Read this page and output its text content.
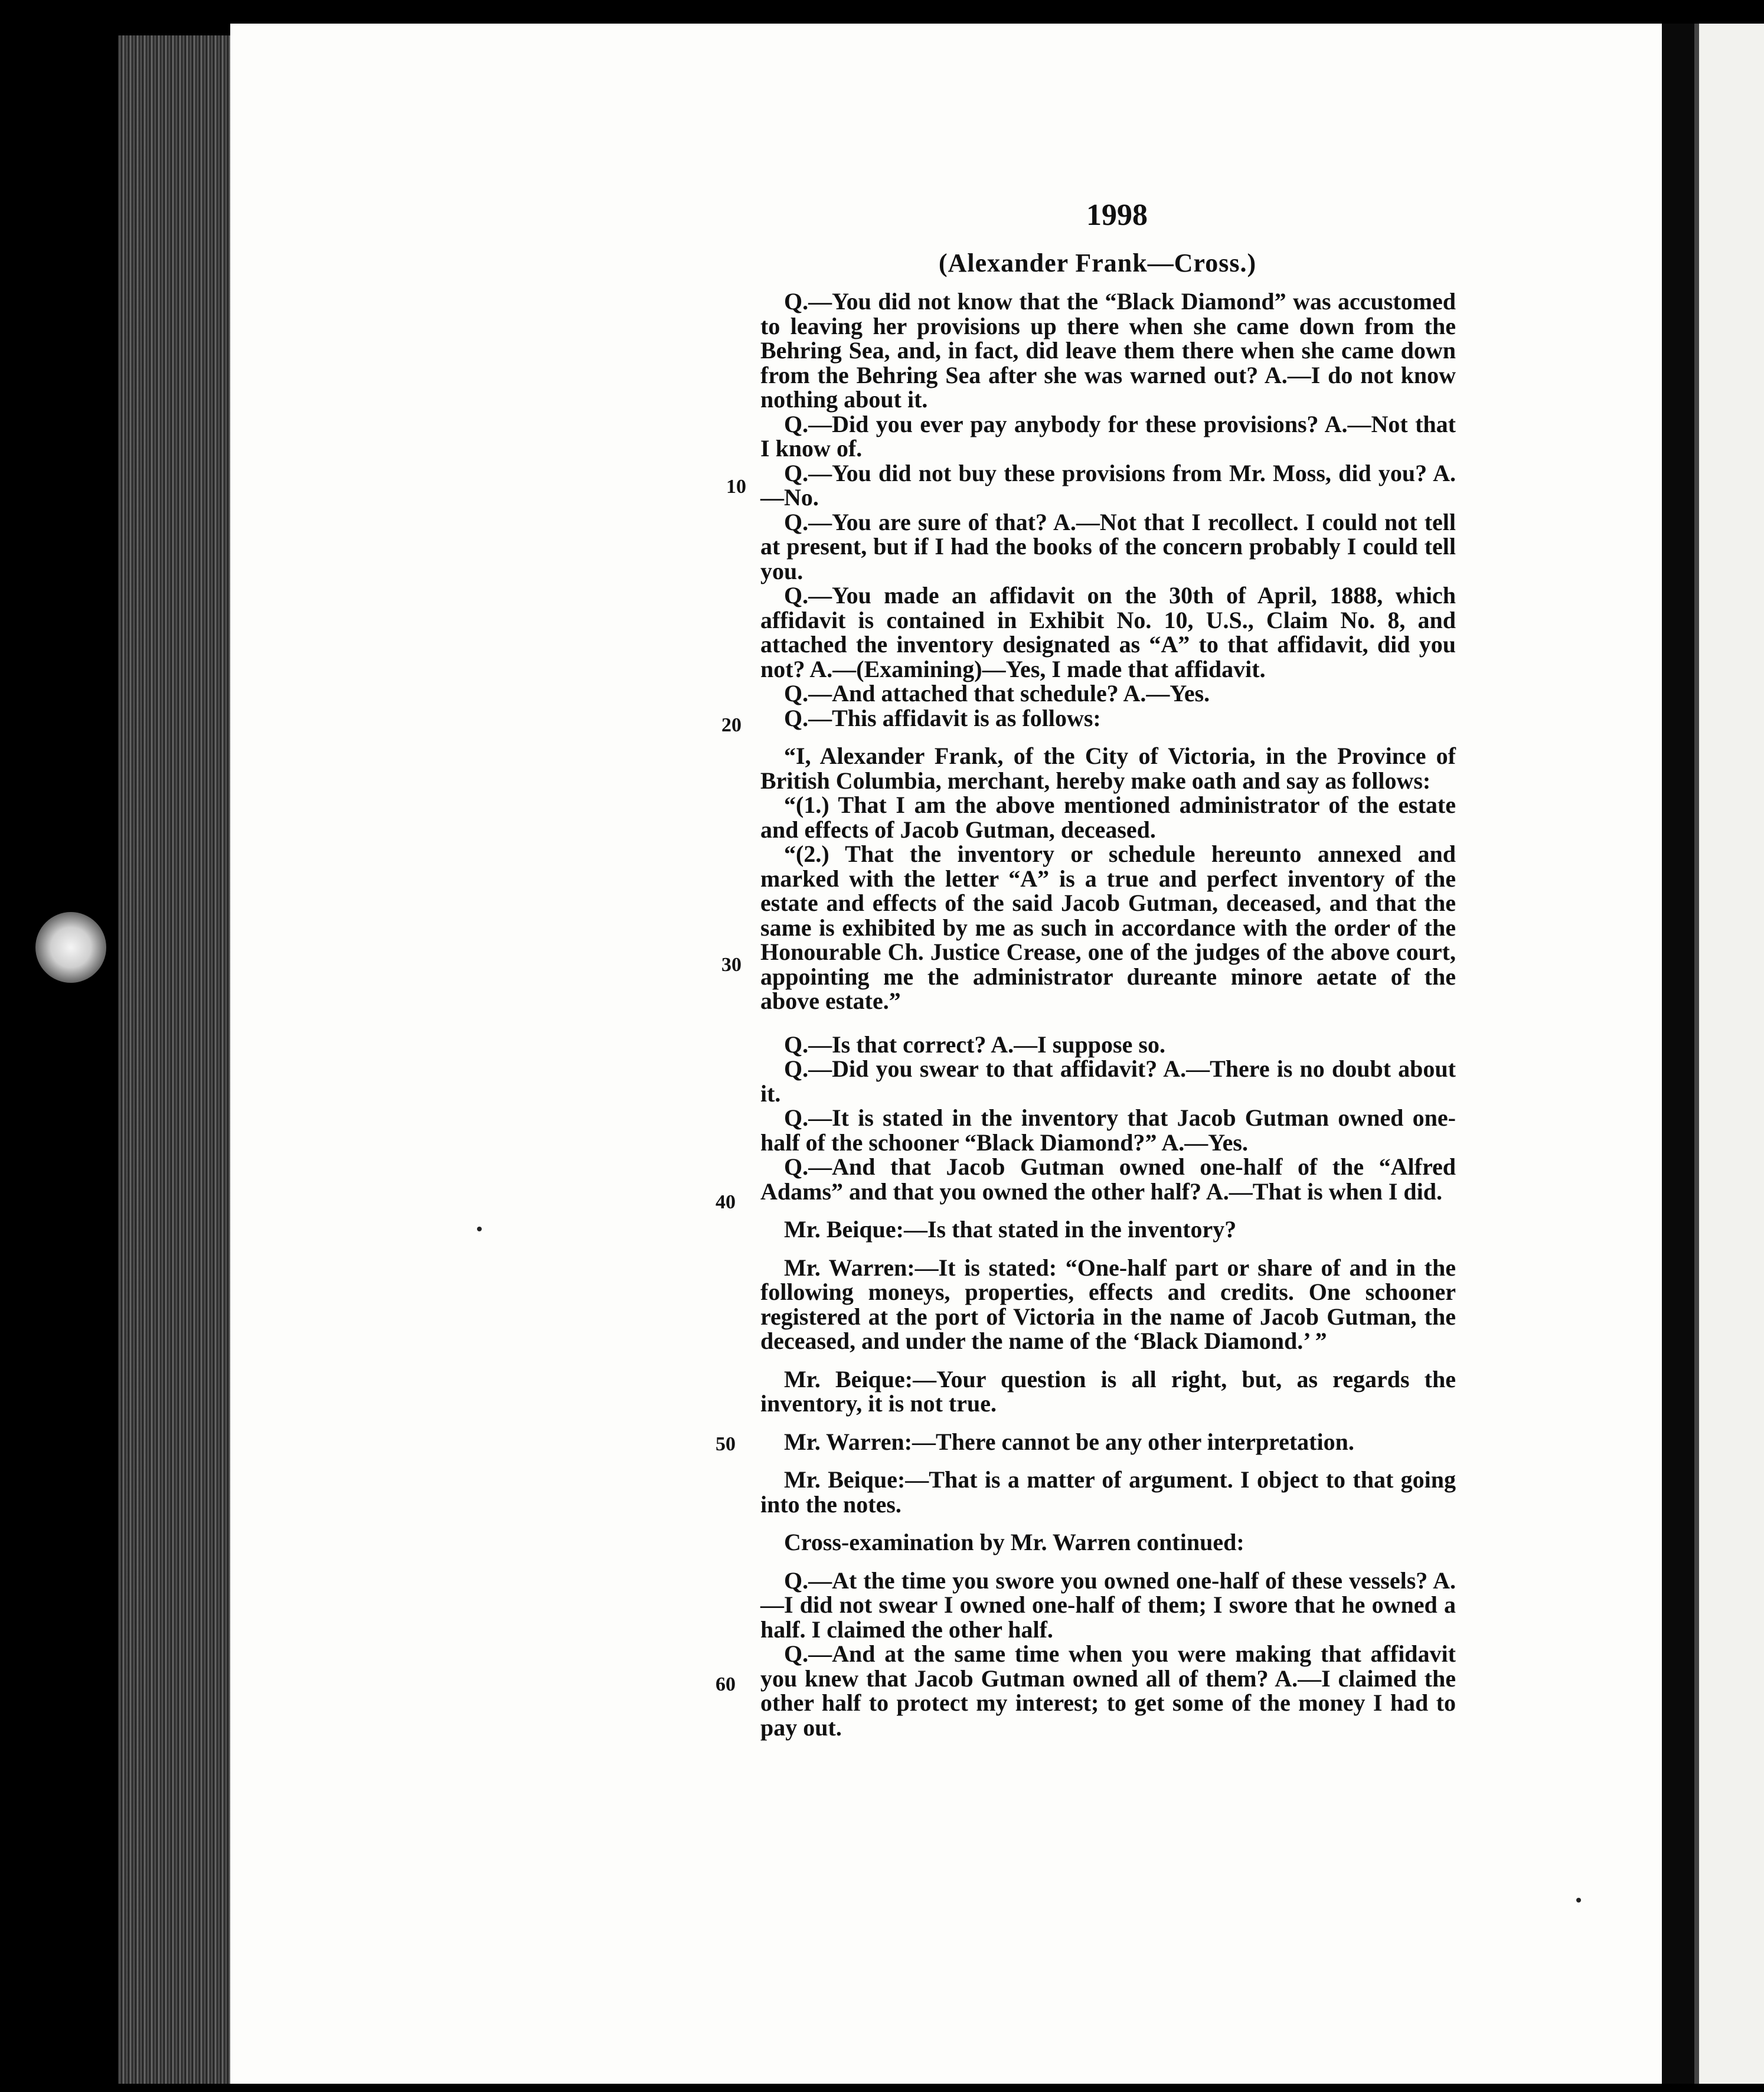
1998
(Alexander Frank—Cross.)
10
20
30
40
50
60

Q.—You did not know that the “Black Diamond” was accustomed to leaving her provisions up there when she came down from the Behring Sea, and, in fact, did leave them there when she came down from the Behring Sea after she was warned out? A.—I do not know nothing about it.

Q.—Did you ever pay anybody for these provisions? A.—Not that I know of.

Q.—You did not buy these provisions from Mr. Moss, did you? A.—No.

Q.—You are sure of that? A.—Not that I recollect. I could not tell at present, but if I had the books of the concern probably I could tell you.

Q.—You made an affidavit on the 30th of April, 1888, which affidavit is contained in Exhibit No. 10, U.S., Claim No. 8, and attached the inventory designated as “A” to that affidavit, did you not? A.—(Examining)—Yes, I made that affidavit.

Q.—And attached that schedule? A.—Yes.

Q.—This affidavit is as follows:

“I, Alexander Frank, of the City of Victoria, in the Province of British Columbia, merchant, hereby make oath and say as follows:

“(1.) That I am the above mentioned administrator of the estate and effects of Jacob Gutman, deceased.

“(2.) That the inventory or schedule hereunto annexed and marked with the letter “A” is a true and perfect inventory of the estate and effects of the said Jacob Gutman, deceased, and that the same is exhibited by me as such in accordance with the order of the Honourable Ch. Justice Crease, one of the judges of the above court, appointing me the administrator dureante minore aetate of the above estate.”

Q.—Is that correct? A.—I suppose so.

Q.—Did you swear to that affidavit? A.—There is no doubt about it.

Q.—It is stated in the inventory that Jacob Gutman owned one-half of the schooner “Black Diamond?” A.—Yes.

Q.—And that Jacob Gutman owned one-half of the “Alfred Adams” and that you owned the other half? A.—That is when I did.

Mr. Beique:—Is that stated in the inventory?

Mr. Warren:—It is stated: “One-half part or share of and in the following moneys, properties, effects and credits. One schooner registered at the port of Victoria in the name of Jacob Gutman, the deceased, and under the name of the ‘Black Diamond.’ ”

Mr. Beique:—Your question is all right, but, as regards the inventory, it is not true.

Mr. Warren:—There cannot be any other interpretation.

Mr. Beique:—That is a matter of argument. I object to that going into the notes.

Cross-examination by Mr. Warren continued:

Q.—At the time you swore you owned one-half of these vessels? A.—I did not swear I owned one-half of them; I swore that he owned a half. I claimed the other half.

Q.—And at the same time when you were making that affidavit you knew that Jacob Gutman owned all of them? A.—I claimed the other half to protect my interest; to get some of the money I had to pay out.
